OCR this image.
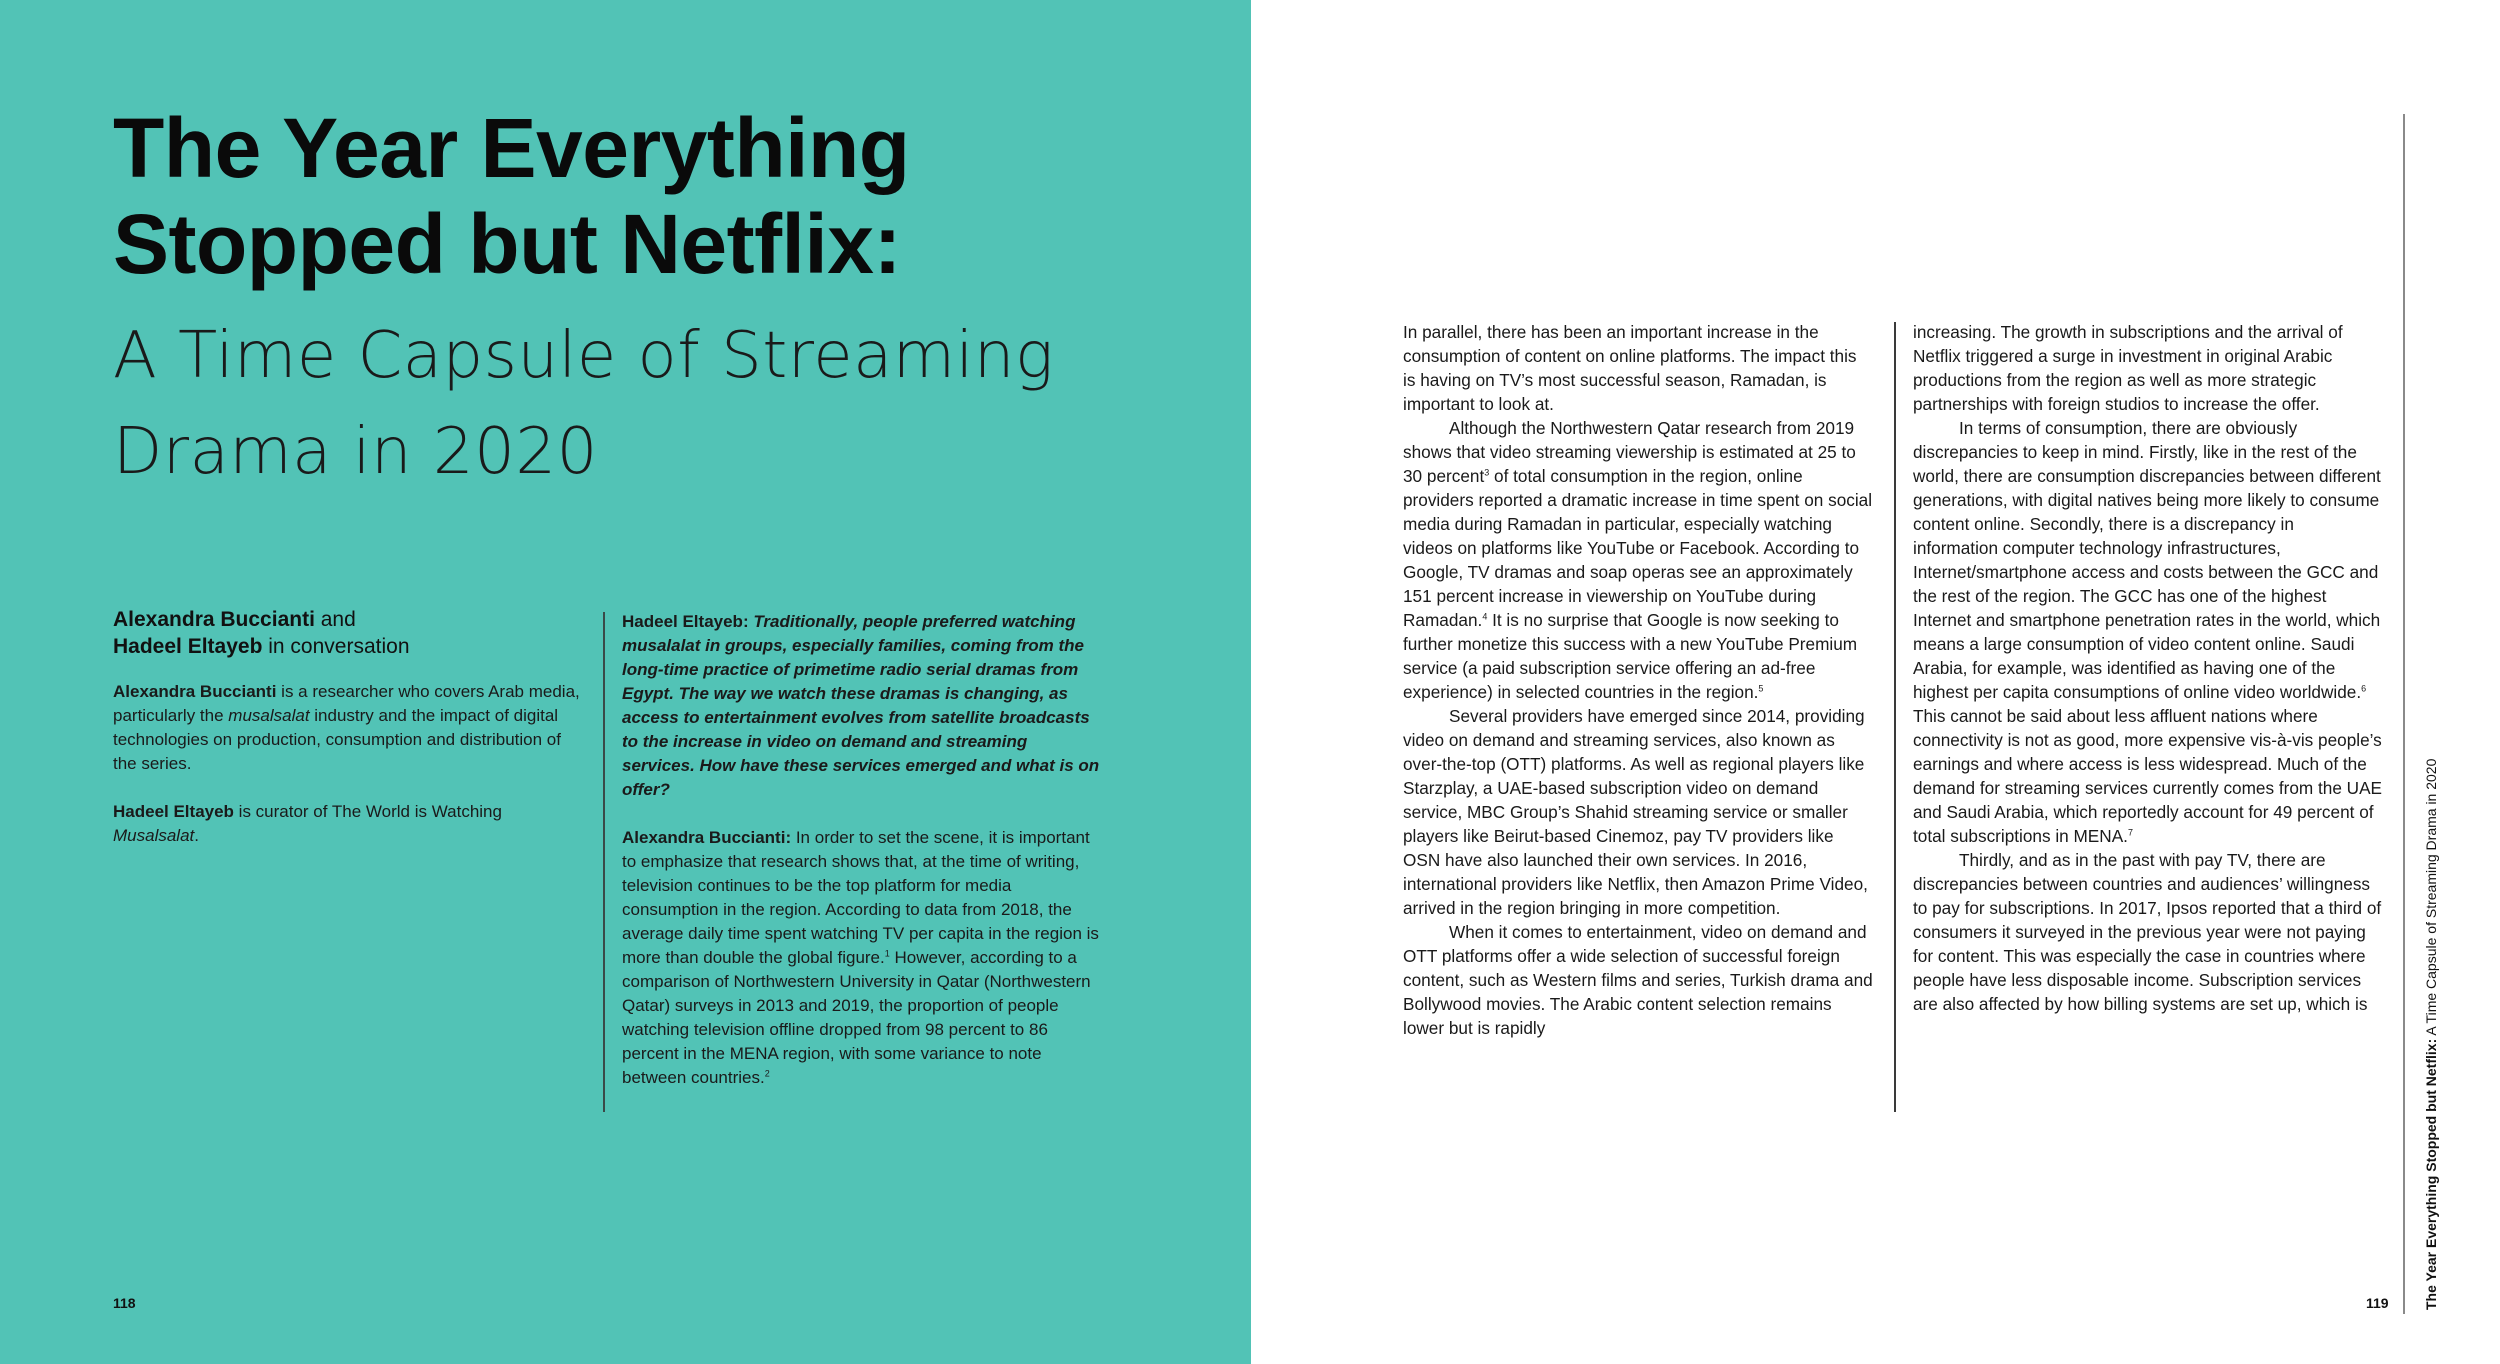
The Year Everything Stopped but Netflix:
A Time Capsule of Streaming Drama in 2020
Alexandra Buccianti and
Hadeel Eltayeb in conversation
Alexandra Buccianti is a researcher who covers Arab media, particularly the musalsalat industry and the impact of digital technologies on production, consumption and distribution of the series.
Hadeel Eltayeb is curator of The World is Watching Musalsalat.

Hadeel Eltayeb: Traditionally, people preferred watching musalalat in groups, especially families, coming from the long-time practice of primetime radio serial dramas from Egypt. The way we watch these dramas is changing, as access to entertainment evolves from satellite broadcasts to the increase in video on demand and streaming services. How have these services emerged and what is on offer?

Alexandra Buccianti: In order to set the scene, it is important to emphasize that research shows that, at the time of writing, television continues to be the top platform for media consumption in the region. According to data from 2018, the average daily time spent watching TV per capita in the region is more than double the global figure.$^1$ However, according to a comparison of Northwestern University in Qatar (Northwestern Qatar) surveys in 2013 and 2019, the proportion of people watching television offline dropped from 98 percent to 86 percent in the MENA region, with some variance to note between countries.$^2$

118

In parallel, there has been an important increase in the consumption of content on online platforms. The impact this is having on TV’s most successful season, Ramadan, is important to look at.

Although the Northwestern Qatar research from 2019 shows that video streaming viewership is estimated at 25 to 30 percent$^3$ of total consumption in the region, online providers reported a dramatic increase in time spent on social media during Ramadan in particular, especially watching videos on platforms like YouTube or Facebook. According to Google, TV dramas and soap operas see an approximately 151 percent increase in viewership on YouTube during Ramadan.$^4$ It is no surprise that Google is now seeking to further monetize this success with a new YouTube Premium service (a paid subscription service offering an ad-free experience) in selected countries in the region.$^5$

Several providers have emerged since 2014, providing video on demand and streaming services, also known as over-the-top (OTT) platforms. As well as regional players like Starzplay, a UAE-based subscription video on demand service, MBC Group’s Shahid streaming service or smaller players like Beirut-based Cinemoz, pay TV providers like OSN have also launched their own services. In 2016, international providers like Netflix, then Amazon Prime Video, arrived in the region bringing in more competition.

When it comes to entertainment, video on demand and OTT platforms offer a wide selection of successful foreign content, such as Western films and series, Turkish drama and Bollywood movies. The Arabic content selection remains lower but is rapidly

increasing. The growth in subscriptions and the arrival of Netflix triggered a surge in investment in original Arabic productions from the region as well as more strategic partnerships with foreign studios to increase the offer.

In terms of consumption, there are obviously discrepancies to keep in mind. Firstly, like in the rest of the world, there are consumption discrepancies between different generations, with digital natives being more likely to consume content online. Secondly, there is a discrepancy in information computer technology infrastructures, Internet/smartphone access and costs between the GCC and the rest of the region. The GCC has one of the highest Internet and smartphone penetration rates in the world, which means a large consumption of video content online. Saudi Arabia, for example, was identified as having one of the highest per capita consumptions of online video worldwide.$^6$ This cannot be said about less affluent nations where connectivity is not as good, more expensive vis-à-vis people’s earnings and where access is less widespread. Much of the demand for streaming services currently comes from the UAE and Saudi Arabia, which reportedly account for 49 percent of total subscriptions in MENA.$^7$

Thirdly, and as in the past with pay TV, there are discrepancies between countries and audiences’ willingness to pay for subscriptions. In 2017, Ipsos reported that a third of consumers it surveyed in the previous year were not paying for content. This was especially the case in countries where people have less disposable income. Subscription services are also affected by how billing systems are set up, which is

The Year Everything Stopped but Netflix: A Time Capsule of Streaming Drama in 2020
119
